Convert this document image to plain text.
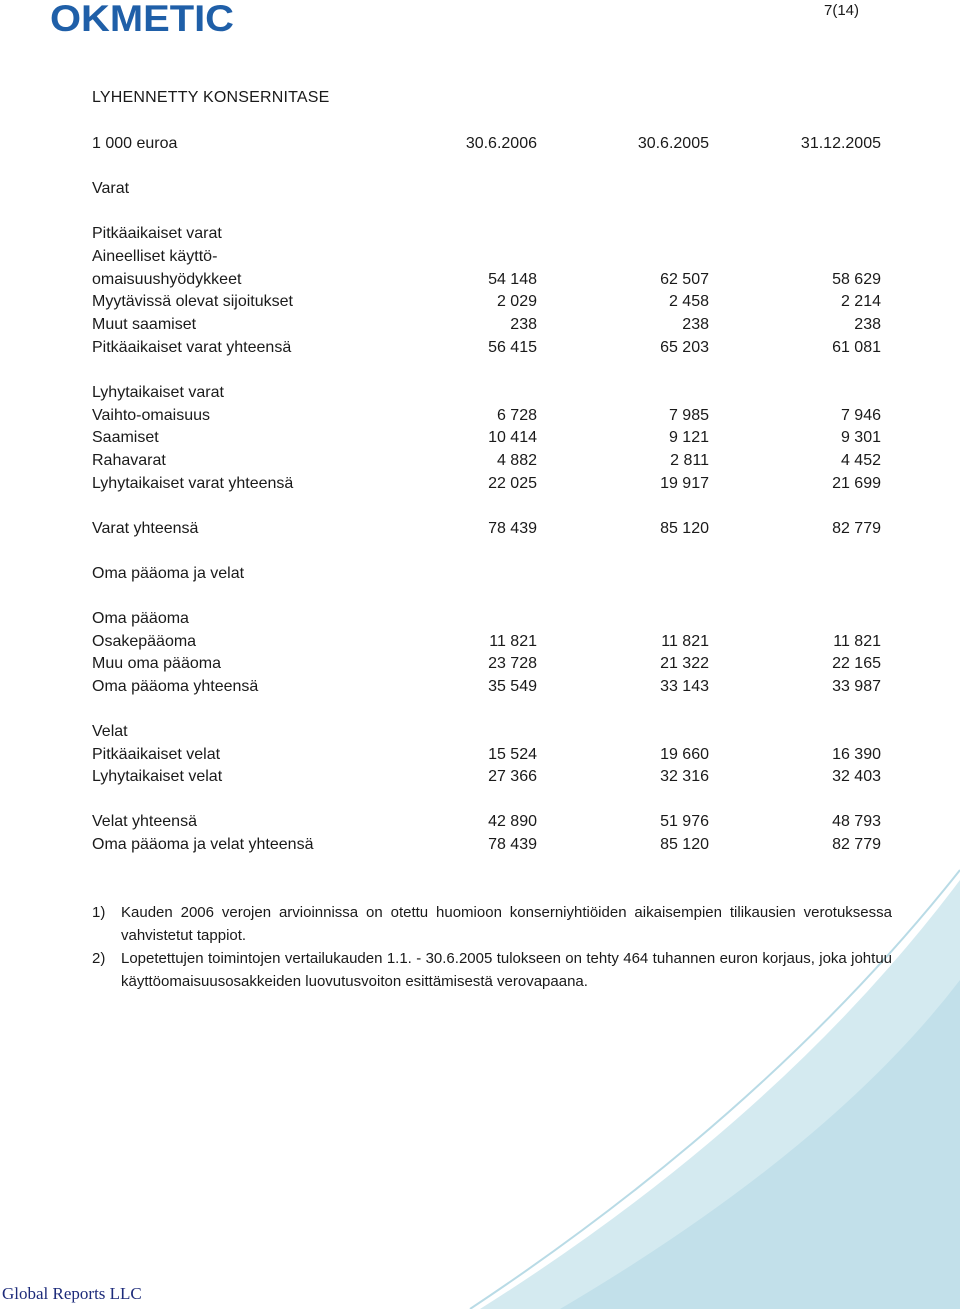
OKMETIC	7(14)
LYHENNETTY KONSERNITASE
1 000 euroa	30.6.2006	30.6.2005	31.12.2005
Varat
Pitkäaikaiset varat
Aineelliset käyttö-
omaisuushyödykkeet	54 148	62 507	58 629
Myytävissä olevat sijoitukset	2 029	2 458	2 214
Muut saamiset	238	238	238
Pitkäaikaiset varat yhteensä	56 415	65 203	61 081
Lyhytaikaiset varat
Vaihto-omaisuus	6 728	7 985	7 946
Saamiset	10 414	9 121	9 301
Rahavarat	4 882	2 811	4 452
Lyhytaikaiset varat yhteensä	22 025	19 917	21 699
Varat yhteensä	78 439	85 120	82 779
Oma pääoma ja velat
Oma pääoma
Osakepääoma	11 821	11 821	11 821
Muu oma pääoma	23 728	21 322	22 165
Oma pääoma yhteensä	35 549	33 143	33 987
Velat
Pitkäaikaiset velat	15 524	19 660	16 390
Lyhytaikaiset velat	27 366	32 316	32 403
Velat yhteensä	42 890	51 976	48 793
Oma pääoma ja velat yhteensä	78 439	85 120	82 779
1) Kauden 2006 verojen arvioinnissa on otettu huomioon konserniyhtiöiden aikaisempien tilikausien verotuksessa vahvistetut tappiot.
2) Lopetettujen toimintojen vertailukauden 1.1. - 30.6.2005 tulokseen on tehty 464 tuhannen euron korjaus, joka johtuu käyttöomaisuusosakkeiden luovutusvoiton esittämisestä verovapaana.
Global Reports LLC
